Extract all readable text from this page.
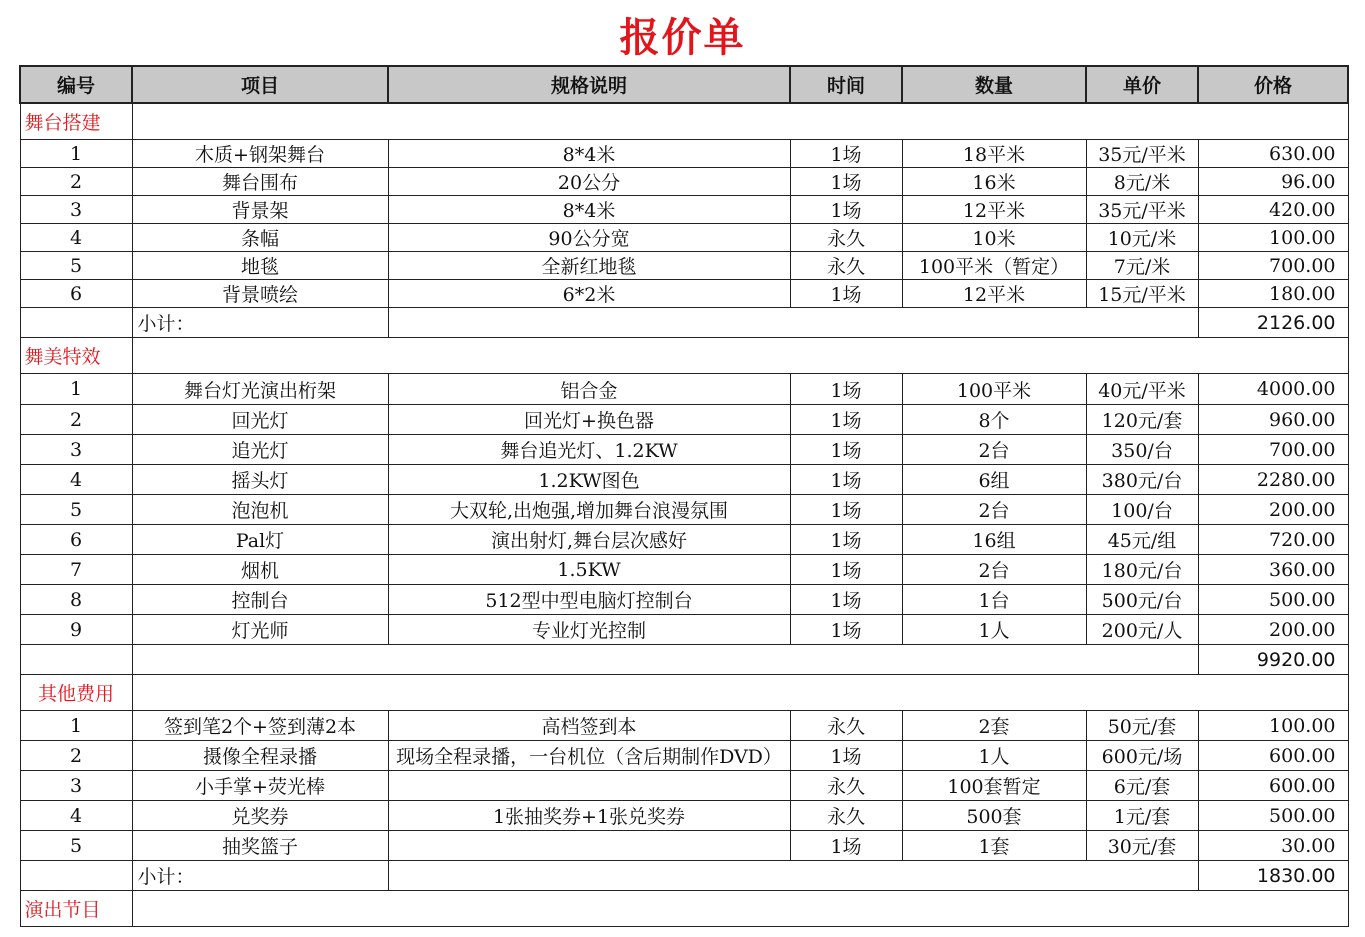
报价单
编号	项目	规格说明	时间	数量	单价	价格
舞台搭建						
1	木质+钢架舞台	8*4米	1场	18平米	35元/平米	630.00
2	舞台围布	20公分	1场	16米	8元/米	96.00
3	背景架	8*4米	1场	12平米	35元/平米	420.00
4	条幅	90公分宽	永久	10米	10元/米	100.00
5	地毯	全新红地毯	永久	100平米（暂定）	7元/米	700.00
6	背景喷绘	6*2米	1场	12平米	15元/平米	180.00
	小计：					2126.00
舞美特效						
1	舞台灯光演出桁架	铝合金	1场	100平米	40元/平米	4000.00
2	回光灯	回光灯+换色器	1场	8个	120元/套	960.00
3	追光灯	舞台追光灯、1.2KW	1场	2台	350/台	700.00
4	摇头灯	1.2KW图色	1场	6组	380元/台	2280.00
5	泡泡机	大双轮,出炮强,增加舞台浪漫氛围	1场	2台	100/台	200.00
6	Pal灯	演出射灯,舞台层次感好	1场	16组	45元/组	720.00
7	烟机	1.5KW	1场	2台	180元/台	360.00
8	控制台	512型中型电脑灯控制台	1场	1台	500元/台	500.00
9	灯光师	专业灯光控制	1场	1人	200元/人	200.00
						9920.00
其他费用						
1	签到笔2个+签到薄2本	高档签到本	永久	2套	50元/套	100.00
2	摄像全程录播	现场全程录播，一台机位（含后期制作DVD）	1场	1人	600元/场	600.00
3	小手掌+荧光棒		永久	100套暂定	6元/套	600.00
4	兑奖券	1张抽奖券+1张兑奖券	永久	500套	1元/套	500.00
5	抽奖篮子		1场	1套	30元/套	30.00
	小计：					1830.00
演出节目						
